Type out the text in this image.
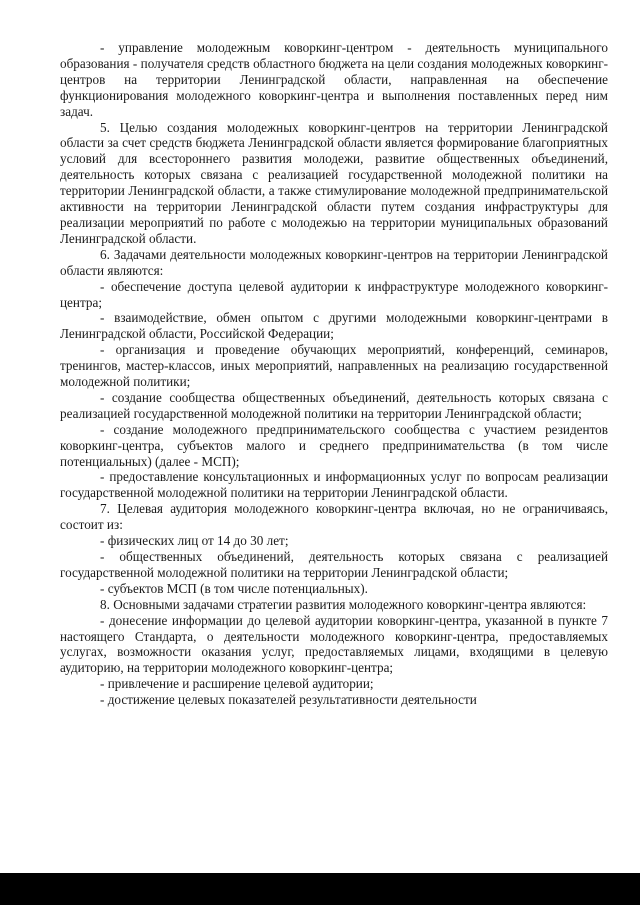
- управление молодежным коворкинг-центром - деятельность муниципального образования - получателя средств областного бюджета на цели создания молодежных коворкинг-центров на территории Ленинградской области, направленная на обеспечение функционирования молодежного коворкинг-центра и выполнения поставленных перед ним задач.

5. Целью создания молодежных коворкинг-центров на территории Ленинградской области за счет средств бюджета Ленинградской области является формирование благоприятных условий для всестороннего развития молодежи, развитие общественных объединений, деятельность которых связана с реализацией государственной молодежной политики на территории Ленинградской области, а также стимулирование молодежной предпринимательской активности на территории Ленинградской области путем создания инфраструктуры для реализации мероприятий по работе с молодежью на территории муниципальных образований Ленинградской области.

6. Задачами деятельности молодежных коворкинг-центров на территории Ленинградской области являются:

- обеспечение доступа целевой аудитории к инфраструктуре молодежного коворкинг-центра;

- взаимодействие, обмен опытом с другими молодежными коворкинг-центрами в Ленинградской области, Российской Федерации;

- организация и проведение обучающих мероприятий, конференций, семинаров, тренингов, мастер-классов, иных мероприятий, направленных на реализацию государственной молодежной политики;

- создание сообщества общественных объединений, деятельность которых связана с реализацией государственной молодежной политики на территории Ленинградской области;

- создание молодежного предпринимательского сообщества с участием резидентов коворкинг-центра, субъектов малого и среднего предпринимательства (в том числе потенциальных) (далее - МСП);

- предоставление консультационных и информационных услуг по вопросам реализации государственной молодежной политики на территории Ленинградской области.

7. Целевая аудитория молодежного коворкинг-центра включая, но не ограничиваясь, состоит из:

- физических лиц от 14 до 30 лет;

- общественных объединений, деятельность которых связана с реализацией государственной молодежной политики на территории Ленинградской области;

- субъектов МСП (в том числе потенциальных).

8. Основными задачами стратегии развития молодежного коворкинг-центра являются:

- донесение информации до целевой аудитории коворкинг-центра, указанной в пункте 7 настоящего Стандарта, о деятельности молодежного коворкинг-центра, предоставляемых услугах, возможности оказания услуг, предоставляемых лицами, входящими в целевую аудиторию, на территории молодежного коворкинг-центра;

- привлечение и расширение целевой аудитории;

- достижение целевых показателей результативности деятельности
